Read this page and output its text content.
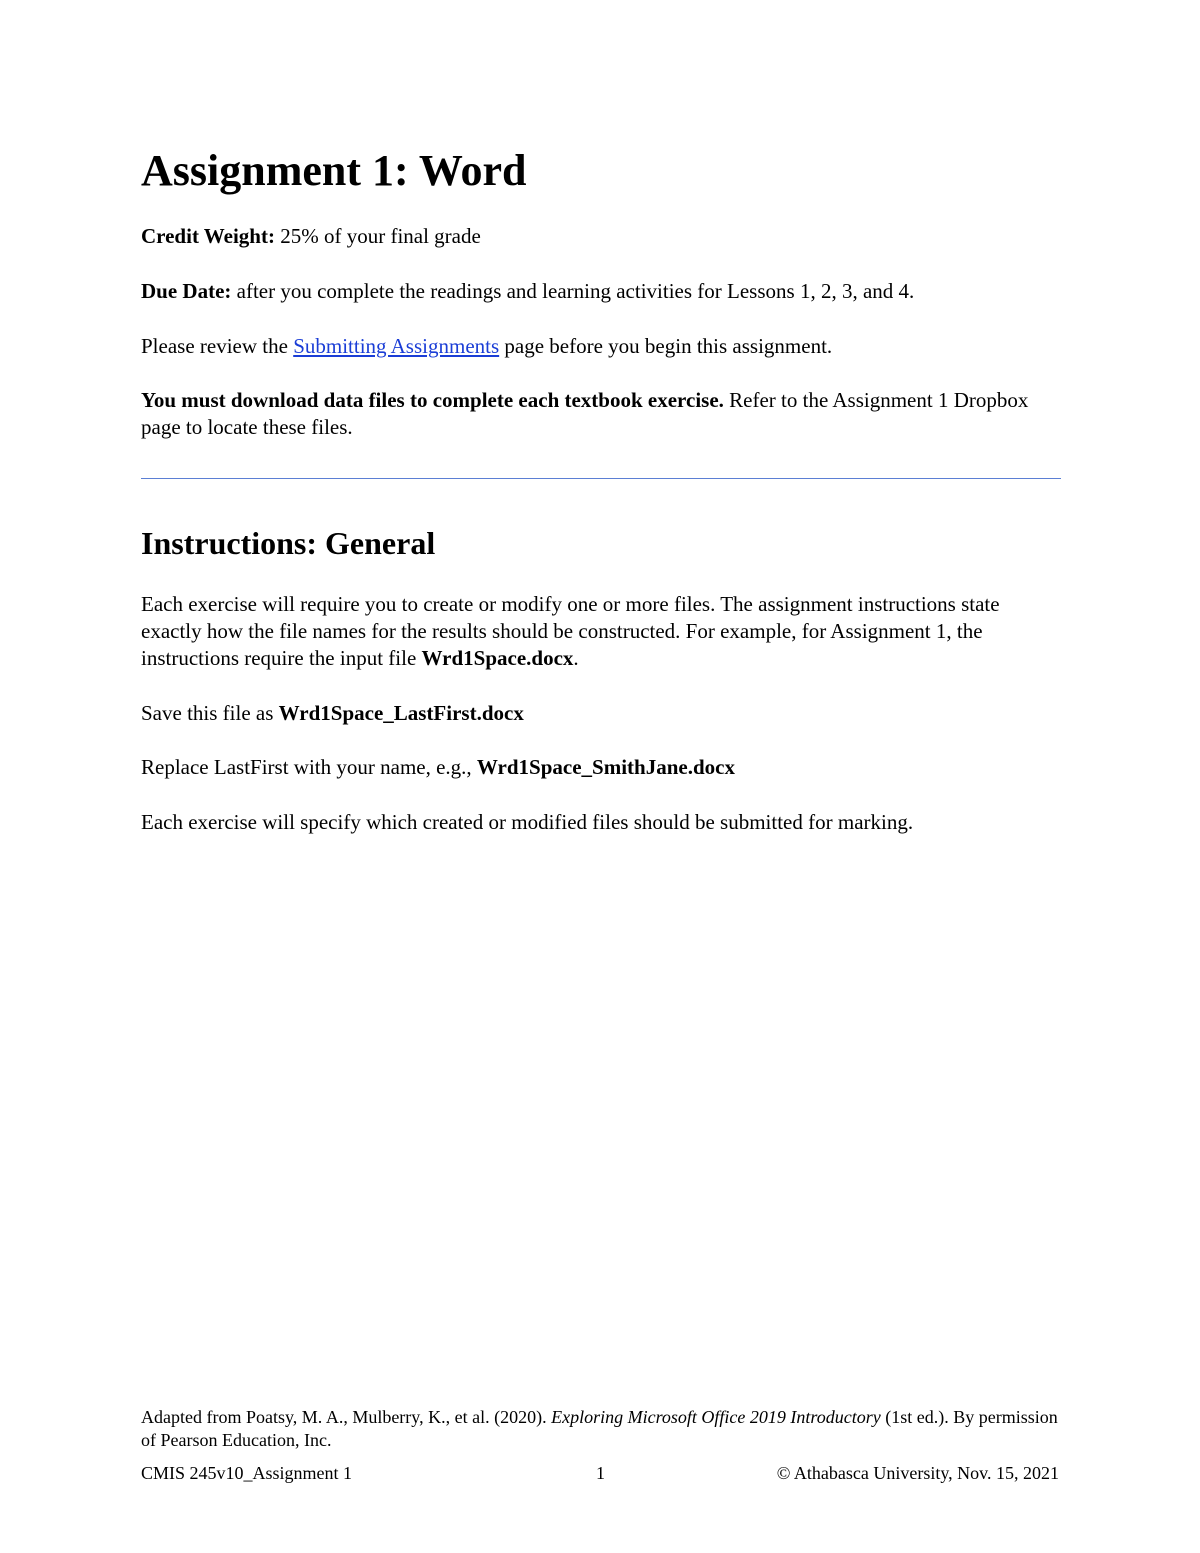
Assignment 1: Word

Credit Weight: 25% of your final grade

Due Date: after you complete the readings and learning activities for Lessons 1, 2, 3, and 4.

Please review the Submitting Assignments page before you begin this assignment.

You must download data files to complete each textbook exercise. Refer to the Assignment 1 Dropbox page to locate these files.

Instructions: General

Each exercise will require you to create or modify one or more files. The assignment instructions state exactly how the file names for the results should be constructed. For example, for Assignment 1, the instructions require the input file Wrd1Space.docx.

Save this file as Wrd1Space_LastFirst.docx

Replace LastFirst with your name, e.g., Wrd1Space_SmithJane.docx

Each exercise will specify which created or modified files should be submitted for marking.

Adapted from Poatsy, M. A., Mulberry, K., et al. (2020). Exploring Microsoft Office 2019 Introductory (1st ed.). By permission of Pearson Education, Inc.

CMIS 245v10_Assignment 1	1	© Athabasca University, Nov. 15, 2021
